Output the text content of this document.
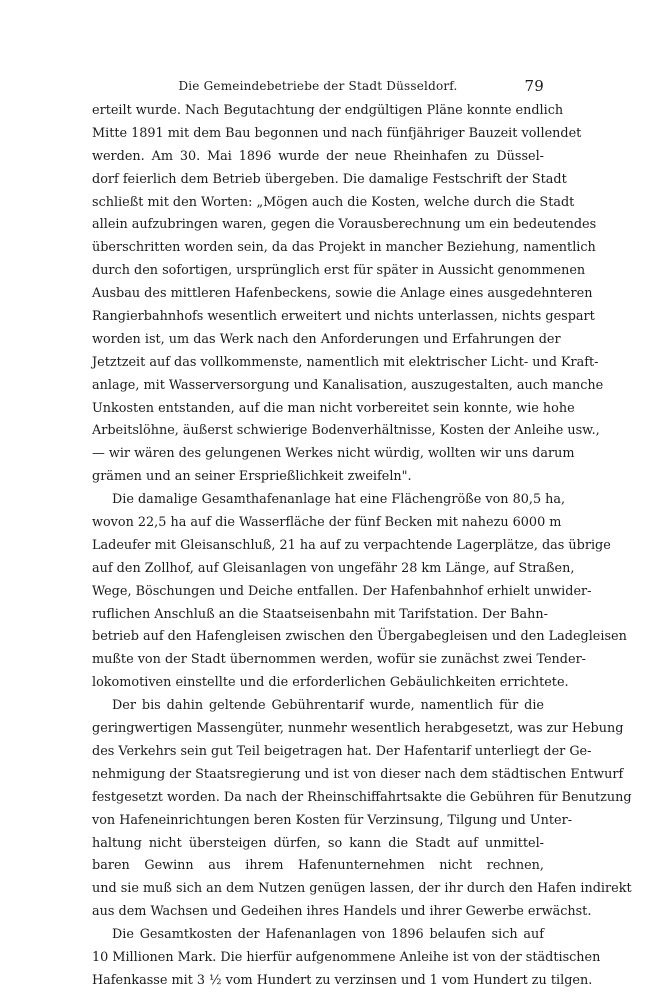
Die Gemeindebetriebe der Stadt Düsseldorf.	79
erteilt wurde. Nach Begutachtung der endgültigen Pläne konnte endlich
Mitte 1891 mit dem Bau begonnen und nach fünfjähriger Bauzeit vollendet
werden. Am 30. Mai 1896 wurde der neue Rheinhafen zu Düssel-
dorf feierlich dem Betrieb übergeben. Die damalige Festschrift der Stadt
schließt mit den Worten: „Mögen auch die Kosten, welche durch die Stadt
allein aufzubringen waren, gegen die Vorausberechnung um ein bedeutendes
überschritten worden sein, da das Projekt in mancher Beziehung, namentlich
durch den sofortigen, ursprünglich erst für später in Aussicht genommenen
Ausbau des mittleren Hafenbeckens, sowie die Anlage eines ausgedehnteren
Rangierbahnhofs wesentlich erweitert und nichts unterlassen, nichts gespart
worden ist, um das Werk nach den Anforderungen und Erfahrungen der
Jetztzeit auf das vollkommenste, namentlich mit elektrischer Licht- und Kraft-
anlage, mit Wasserversorgung und Kanalisation, auszugestalten, auch manche
Unkosten entstanden, auf die man nicht vorbereitet sein konnte, wie hohe
Arbeitslöhne, äußerst schwierige Bodenverhältnisse, Kosten der Anleihe usw.,
— wir wären des gelungenen Werkes nicht würdig, wollten wir uns darum
grämen und an seiner Ersprießlichkeit zweifeln".
Die damalige Gesamthafenanlage hat eine Flächengröße von 80,5 ha,
wovon 22,5 ha auf die Wasserfläche der fünf Becken mit nahezu 6000 m
Ladeufer mit Gleisanschluß, 21 ha auf zu verpachtende Lagerplätze, das übrige
auf den Zollhof, auf Gleisanlagen von ungefähr 28 km Länge, auf Straßen,
Wege, Böschungen und Deiche entfallen. Der Hafenbahnhof erhielt unwider-
ruflichen Anschluß an die Staatseisenbahn mit Tarifstation. Der Bahn-
betrieb auf den Hafengleisen zwischen den Übergabegleisen und den Ladegleisen
mußte von der Stadt übernommen werden, wofür sie zunächst zwei Tender-
lokomotiven einstellte und die erforderlichen Gebäulichkeiten errichtete.
Der bis dahin geltende Gebührentarif wurde, namentlich für die
geringwertigen Massengüter, nunmehr wesentlich herabgesetzt, was zur Hebung
des Verkehrs sein gut Teil beigetragen hat. Der Hafentarif unterliegt der Ge-
nehmigung der Staatsregierung und ist von dieser nach dem städtischen Entwurf
festgesetzt worden. Da nach der Rheinschiffahrtsakte die Gebühren für Benutzung
von Hafeneinrichtungen beren Kosten für Verzinsung, Tilgung und Unter-
haltung nicht übersteigen dürfen, so kann die Stadt auf unmittel-
baren Gewinn aus ihrem Hafenunternehmen nicht rechnen,
und sie muß sich an dem Nutzen genügen lassen, der ihr durch den Hafen indirekt
aus dem Wachsen und Gedeihen ihres Handels und ihrer Gewerbe erwächst.
Die Gesamtkosten der Hafenanlagen von 1896 belaufen sich auf
10 Millionen Mark. Die hierfür aufgenommene Anleihe ist von der städtischen
Hafenkasse mit 3 ½ vom Hundert zu verzinsen und 1 vom Hundert zu tilgen.
